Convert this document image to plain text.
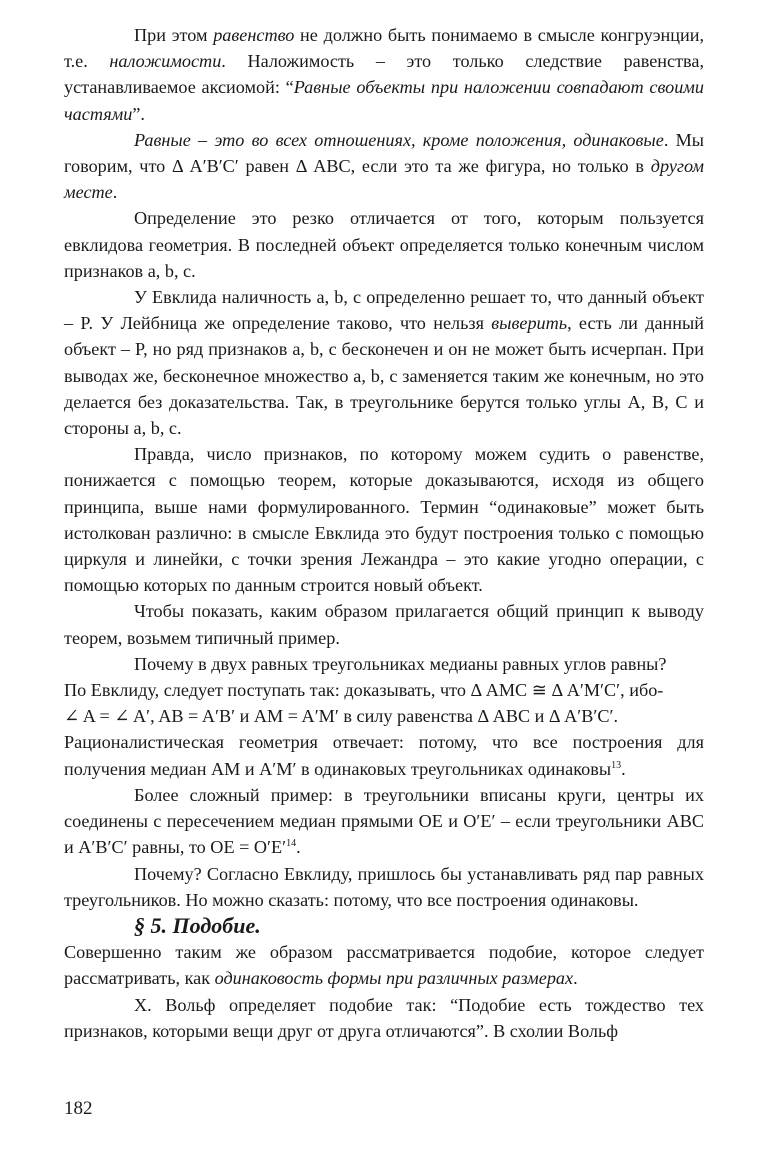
При этом равенство не должно быть понимаемо в смысле конгруэнции, т.е. наложимости. Наложимость – это только следствие равенства, устанавливаемое аксиомой: “Равные объекты при наложении совпадают своими частями”.

Равные – это во всех отношениях, кроме положения, одинаковые. Мы говорим, что Δ A′B′C′ равен Δ ABC, если это та же фигура, но только в другом месте.

Определение это резко отличается от того, которым пользуется евклидова геометрия. В последней объект определяется только конечным числом признаков a, b, c.

У Евклида наличность a, b, c определенно решает то, что данный объект – P. У Лейбница же определение таково, что нельзя выверить, есть ли данный объект – P, но ряд признаков a, b, c бесконечен и он не может быть исчерпан. При выводах же, бесконечное множество a, b, c заменяется таким же конечным, но это делается без доказательства. Так, в треугольнике берутся только углы A, B, C и стороны a, b, c.

Правда, число признаков, по которому можем судить о равенстве, понижается с помощью теорем, которые доказываются, исходя из общего принципа, выше нами формулированного. Термин “одинаковые” может быть истолкован различно: в смысле Евклида это будут построения только с помощью циркуля и линейки, с точки зрения Лежандра – это какие угодно операции, с помощью которых по данным строится новый объект.

Чтобы показать, каким образом прилагается общий принцип к выводу теорем, возьмем типичный пример.

Почему в двух равных треугольниках медианы равных углов равны?

По Евклиду, следует поступать так: доказывать, что Δ AMC ≅ Δ A′M′C′, ибо-

∠ A = ∠ A′, AB = A′B′ и AM = A′M′ в силу равенства Δ ABC и Δ A′B′C′.

Рационалистическая геометрия отвечает: потому, что все построения для получения медиан AM и A′M′ в одинаковых треугольниках одинаковы$^{13}$.

Более сложный пример: в треугольники вписаны круги, центры их соединены с пересечением медиан прямыми OE и O′E′ – если треугольники ABC и A′B′C′ равны, то OE = $O'E'^{14}$.

Почему? Согласно Евклиду, пришлось бы устанавливать ряд пар равных треугольников. Но можно сказать: потому, что все построения одинаковы.

§ 5. Подобие.

Совершенно таким же образом рассматривается подобие, которое следует рассматривать, как одинаковость формы при различных размерах.

Х. Вольф определяет подобие так: “Подобие есть тождество тех признаков, которыми вещи друг от друга отличаются”. В схолии Вольф

182
